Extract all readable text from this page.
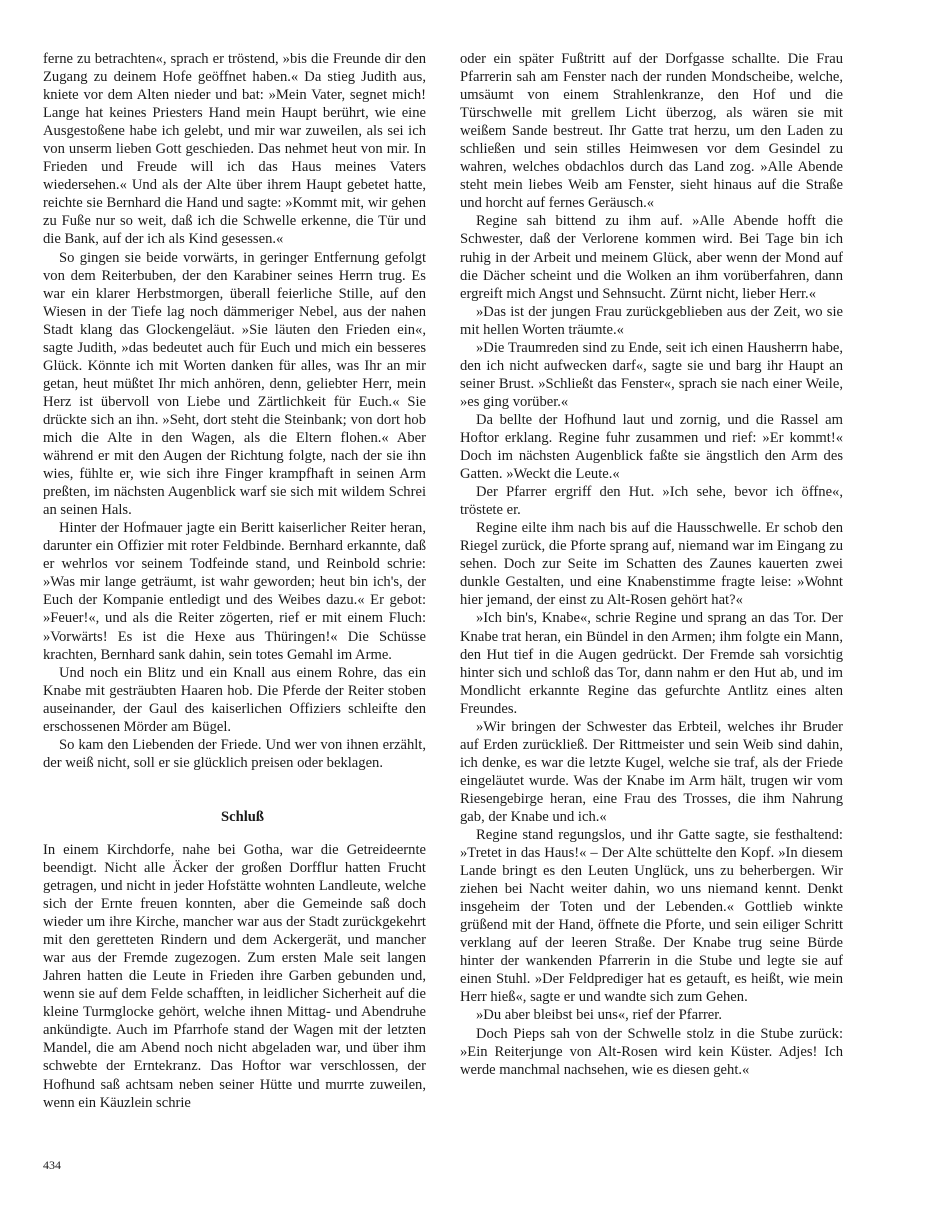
ferne zu betrachten«, sprach er tröstend, »bis die Freunde dir den Zugang zu deinem Hofe geöffnet haben.« Da stieg Judith aus, kniete vor dem Alten nieder und bat: »Mein Vater, segnet mich! Lange hat keines Priesters Hand mein Haupt berührt, wie eine Ausgestoßene habe ich gelebt, und mir war zuweilen, als sei ich von unserm lieben Gott geschieden. Das nehmet heut von mir. In Frieden und Freude will ich das Haus meines Vaters wiedersehen.« Und als der Alte über ihrem Haupt gebetet hatte, reichte sie Bernhard die Hand und sagte: »Kommt mit, wir gehen zu Fuße nur so weit, daß ich die Schwelle erkenne, die Tür und die Bank, auf der ich als Kind gesessen.«

So gingen sie beide vorwärts, in geringer Entfernung gefolgt von dem Reiterbuben, der den Karabiner seines Herrn trug. Es war ein klarer Herbstmorgen, überall feierliche Stille, auf den Wiesen in der Tiefe lag noch dämmeriger Nebel, aus der nahen Stadt klang das Glockengeläut. »Sie läuten den Frieden ein«, sagte Judith, »das bedeutet auch für Euch und mich ein besseres Glück. Könnte ich mit Worten danken für alles, was Ihr an mir getan, heut müßtet Ihr mich anhören, denn, geliebter Herr, mein Herz ist übervoll von Liebe und Zärtlichkeit für Euch.« Sie drückte sich an ihn. »Seht, dort steht die Steinbank; von dort hob mich die Alte in den Wagen, als die Eltern flohen.« Aber während er mit den Augen der Richtung folgte, nach der sie ihn wies, fühlte er, wie sich ihre Finger krampfhaft in seinen Arm preßten, im nächsten Augenblick warf sie sich mit wildem Schrei an seinen Hals.

Hinter der Hofmauer jagte ein Beritt kaiserlicher Reiter heran, darunter ein Offizier mit roter Feldbinde. Bernhard erkannte, daß er wehrlos vor seinem Todfeinde stand, und Reinbold schrie: »Was mir lange geträumt, ist wahr geworden; heut bin ich's, der Euch der Kompanie entledigt und des Weibes dazu.« Er gebot: »Feuer!«, und als die Reiter zögerten, rief er mit einem Fluch: »Vorwärts! Es ist die Hexe aus Thüringen!« Die Schüsse krachten, Bernhard sank dahin, sein totes Gemahl im Arme.

Und noch ein Blitz und ein Knall aus einem Rohre, das ein Knabe mit gesträubten Haaren hob. Die Pferde der Reiter stoben auseinander, der Gaul des kaiserlichen Offiziers schleifte den erschossenen Mörder am Bügel.

So kam den Liebenden der Friede. Und wer von ihnen erzählt, der weiß nicht, soll er sie glücklich preisen oder beklagen.

Schluß

In einem Kirchdorfe, nahe bei Gotha, war die Getreideernte beendigt. Nicht alle Äcker der großen Dorfflur hatten Frucht getragen, und nicht in jeder Hofstätte wohnten Landleute, welche sich der Ernte freuen konnten, aber die Gemeinde saß doch wieder um ihre Kirche, mancher war aus der Stadt zurückgekehrt mit den geretteten Rindern und dem Ackergerät, und mancher war aus der Fremde zugezogen. Zum ersten Male seit langen Jahren hatten die Leute in Frieden ihre Garben gebunden und, wenn sie auf dem Felde schafften, in leidlicher Sicherheit auf die kleine Turmglocke gehört, welche ihnen Mittag- und Abendruhe ankündigte. Auch im Pfarrhofe stand der Wagen mit der letzten Mandel, die am Abend noch nicht abgeladen war, und über ihm schwebte der Erntekranz. Das Hoftor war verschlossen, der Hofhund saß achtsam neben seiner Hütte und murrte zuweilen, wenn ein Käuzlein schrie

oder ein später Fußtritt auf der Dorfgasse schallte. Die Frau Pfarrerin sah am Fenster nach der runden Mondscheibe, welche, umsäumt von einem Strahlenkranze, den Hof und die Türschwelle mit grellem Licht überzog, als wären sie mit weißem Sande bestreut. Ihr Gatte trat herzu, um den Laden zu schließen und sein stilles Heimwesen vor dem Gesindel zu wahren, welches obdachlos durch das Land zog. »Alle Abende steht mein liebes Weib am Fenster, sieht hinaus auf die Straße und horcht auf fernes Geräusch.«

Regine sah bittend zu ihm auf. »Alle Abende hofft die Schwester, daß der Verlorene kommen wird. Bei Tage bin ich ruhig in der Arbeit und meinem Glück, aber wenn der Mond auf die Dächer scheint und die Wolken an ihm vorüberfahren, dann ergreift mich Angst und Sehnsucht. Zürnt nicht, lieber Herr.«

»Das ist der jungen Frau zurückgeblieben aus der Zeit, wo sie mit hellen Worten träumte.«

»Die Traumreden sind zu Ende, seit ich einen Hausherrn habe, den ich nicht aufwecken darf«, sagte sie und barg ihr Haupt an seiner Brust. »Schließt das Fenster«, sprach sie nach einer Weile, »es ging vorüber.«

Da bellte der Hofhund laut und zornig, und die Rassel am Hoftor erklang. Regine fuhr zusammen und rief: »Er kommt!« Doch im nächsten Augenblick faßte sie ängstlich den Arm des Gatten. »Weckt die Leute.«

Der Pfarrer ergriff den Hut. »Ich sehe, bevor ich öffne«, tröstete er.

Regine eilte ihm nach bis auf die Hausschwelle. Er schob den Riegel zurück, die Pforte sprang auf, niemand war im Eingang zu sehen. Doch zur Seite im Schatten des Zaunes kauerten zwei dunkle Gestalten, und eine Knabenstimme fragte leise: »Wohnt hier jemand, der einst zu Alt-Rosen gehört hat?«

»Ich bin's, Knabe«, schrie Regine und sprang an das Tor. Der Knabe trat heran, ein Bündel in den Armen; ihm folgte ein Mann, den Hut tief in die Augen gedrückt. Der Fremde sah vorsichtig hinter sich und schloß das Tor, dann nahm er den Hut ab, und im Mondlicht erkannte Regine das gefurchte Antlitz eines alten Freundes.

»Wir bringen der Schwester das Erbteil, welches ihr Bruder auf Erden zurückließ. Der Rittmeister und sein Weib sind dahin, ich denke, es war die letzte Kugel, welche sie traf, als der Friede eingeläutet wurde. Was der Knabe im Arm hält, trugen wir vom Riesengebirge heran, eine Frau des Trosses, die ihm Nahrung gab, der Knabe und ich.«

Regine stand regungslos, und ihr Gatte sagte, sie festhaltend: »Tretet in das Haus!« – Der Alte schüttelte den Kopf. »In diesem Lande bringt es den Leuten Unglück, uns zu beherbergen. Wir ziehen bei Nacht weiter dahin, wo uns niemand kennt. Denkt insgeheim der Toten und der Lebenden.« Gottlieb winkte grüßend mit der Hand, öffnete die Pforte, und sein eiliger Schritt verklang auf der leeren Straße. Der Knabe trug seine Bürde hinter der wankenden Pfarrerin in die Stube und legte sie auf einen Stuhl. »Der Feldprediger hat es getauft, es heißt, wie mein Herr hieß«, sagte er und wandte sich zum Gehen.

»Du aber bleibst bei uns«, rief der Pfarrer.

Doch Pieps sah von der Schwelle stolz in die Stube zurück: »Ein Reiterjunge von Alt-Rosen wird kein Küster. Adjes! Ich werde manchmal nachsehen, wie es diesen geht.«

434
